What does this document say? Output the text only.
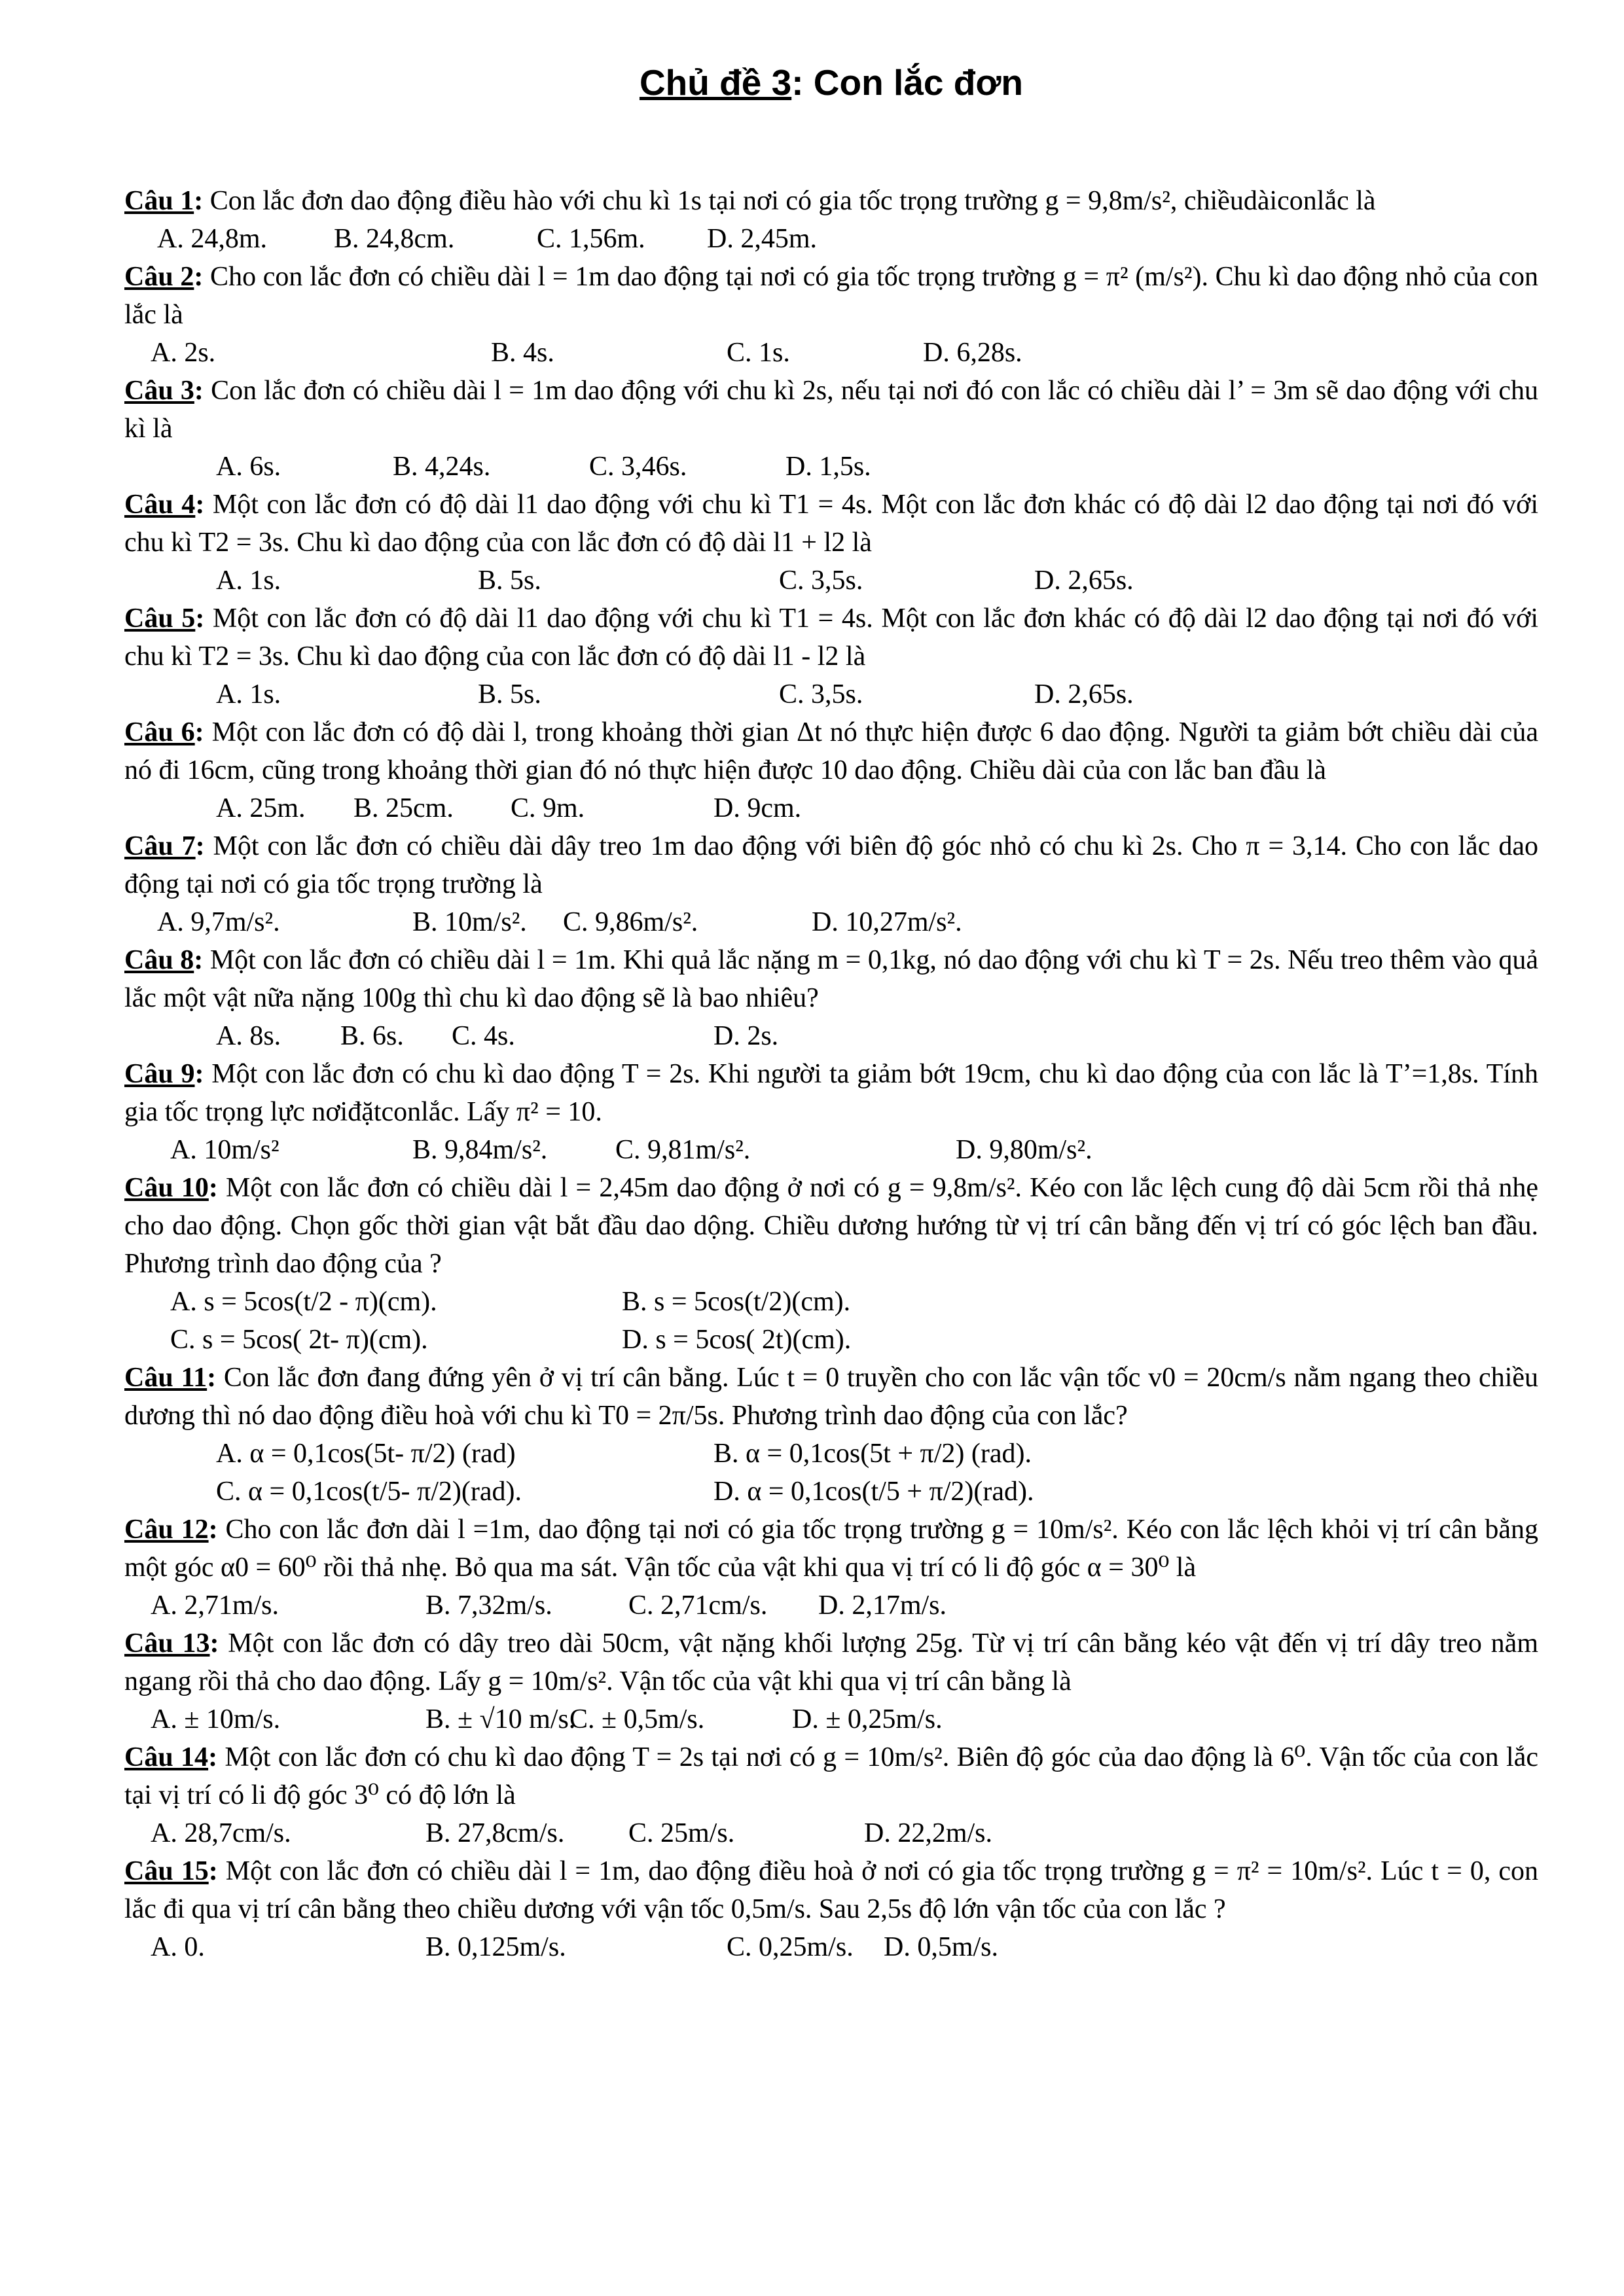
Chủ đề 3: Con lắc đơn
Câu 1: Con lắc đơn dao động điều hào với chu kì 1s tại nơi có gia tốc trọng trường g = 9,8m/s², chiềudàiconlắc là
A. 24,8m. B. 24,8cm.	C. 1,56m. D. 2,45m.
Câu 2: Cho con lắc đơn có chiều dài l = 1m dao động tại nơi có gia tốc trọng trường g = π² (m/s²). Chu kì dao động nhỏ của con lắc là
A. 2s.	B. 4s.	C. 1s.	D. 6,28s.
Câu 3: Con lắc đơn có chiều dài l = 1m dao động với chu kì 2s, nếu tại nơi đó con lắc có chiều dài l’ = 3m sẽ dao động với chu kì là
A. 6s.	B. 4,24s.	C. 3,46s.	D. 1,5s.
Câu 4: Một con lắc đơn có độ dài l1 dao động với chu kì T1 = 4s. Một con lắc đơn khác có độ dài l2 dao động tại nơi đó với chu kì T2 = 3s. Chu kì dao động của con lắc đơn có độ dài l1 + l2 là
A. 1s.	B. 5s.	C. 3,5s.	D. 2,65s.
Câu 5: Một con lắc đơn có độ dài l1 dao động với chu kì T1 = 4s. Một con lắc đơn khác có độ dài l2 dao động tại nơi đó với chu kì T2 = 3s. Chu kì dao động của con lắc đơn có độ dài l1 - l2 là
A. 1s.	B. 5s.	C. 3,5s.	D. 2,65s.
Câu 6: Một con lắc đơn có độ dài l, trong khoảng thời gian Δt nó thực hiện được 6 dao động. Người ta giảm bớt chiều dài của nó đi 16cm, cũng trong khoảng thời gian đó nó thực hiện được 10 dao động. Chiều dài của con lắc ban đầu là
A. 25m. B. 25cm. C. 9m.	D. 9cm.
Câu 7: Một con lắc đơn có chiều dài dây treo 1m dao động với biên độ góc nhỏ có chu kì 2s. Cho π = 3,14. Cho con lắc dao động tại nơi có gia tốc trọng trường là
A. 9,7m/s².	B. 10m/s². C. 9,86m/s².	D. 10,27m/s².
Câu 8: Một con lắc đơn có chiều dài l = 1m. Khi quả lắc nặng m = 0,1kg, nó dao động với chu kì T = 2s. Nếu treo thêm vào quả lắc một vật nữa nặng 100g thì chu kì dao động sẽ là bao nhiêu?
A. 8s. B. 6s. C. 4s.	D. 2s.
Câu 9: Một con lắc đơn có chu kì dao động T = 2s. Khi người ta giảm bớt 19cm, chu kì dao động của con lắc là T’=1,8s. Tính gia tốc trọng lực nơiđặtconlắc. Lấy π² = 10.
A. 10m/s²	B. 9,84m/s². C. 9,81m/s².	D. 9,80m/s².
Câu 10: Một con lắc đơn có chiều dài l = 2,45m dao động ở nơi có g = 9,8m/s². Kéo con lắc lệch cung độ dài 5cm rồi thả nhẹ cho dao động. Chọn gốc thời gian vật bắt đầu dao dộng. Chiều dương hướng từ vị trí cân bằng đến vị trí có góc lệch ban đầu. Phương trình dao động của ?
A. s = 5cos(t/2 - π)(cm).	B. s = 5cos(t/2)(cm).
C. s = 5cos( 2t- π)(cm).	D. s = 5cos( 2t)(cm).
Câu 11: Con lắc đơn đang đứng yên ở vị trí cân bằng. Lúc t = 0 truyền cho con lắc vận tốc v0 = 20cm/s nằm ngang theo chiều dương thì nó dao động điều hoà với chu kì T0 = 2π/5s. Phương trình dao động của con lắc?
A. α = 0,1cos(5t- π/2) (rad)	B. α = 0,1cos(5t + π/2) (rad).
C. α = 0,1cos(t/5- π/2)(rad).	D. α = 0,1cos(t/5 + π/2)(rad).
Câu 12: Cho con lắc đơn dài l =1m, dao động tại nơi có gia tốc trọng trường g = 10m/s². Kéo con lắc lệch khỏi vị trí cân bằng một góc α0 = 60⁰ rồi thả nhẹ. Bỏ qua ma sát. Vận tốc của vật khi qua vị trí có li độ góc α = 30⁰ là
A. 2,71m/s.	B. 7,32m/s.	C. 2,71cm/s. D. 2,17m/s.
Câu 13: Một con lắc đơn có dây treo dài 50cm, vật nặng khối lượng 25g. Từ vị trí cân bằng kéo vật đến vị trí dây treo nằm ngang rồi thả cho dao động. Lấy g = 10m/s². Vận tốc của vật khi qua vị trí cân bằng là
A. ± 10m/s.	B. ± √10 m/s.
C. ± 0,5m/s.	D. ± 0,25m/s.
Câu 14: Một con lắc đơn có chu kì dao động T = 2s tại nơi có g = 10m/s². Biên độ góc của dao động là 6⁰. Vận tốc của con lắc tại vị trí có li độ góc 3⁰ có độ lớn là
A. 28,7cm/s.	B. 27,8cm/s. C. 25m/s.	D. 22,2m/s.
Câu 15: Một con lắc đơn có chiều dài l = 1m, dao động điều hoà ở nơi có gia tốc trọng trường g = π² = 10m/s². Lúc t = 0, con lắc đi qua vị trí cân bằng theo chiều dương với vận tốc 0,5m/s. Sau 2,5s độ lớn vận tốc của con lắc ?
A. 0.	B. 0,125m/s.	C. 0,25m/s. D. 0,5m/s.
